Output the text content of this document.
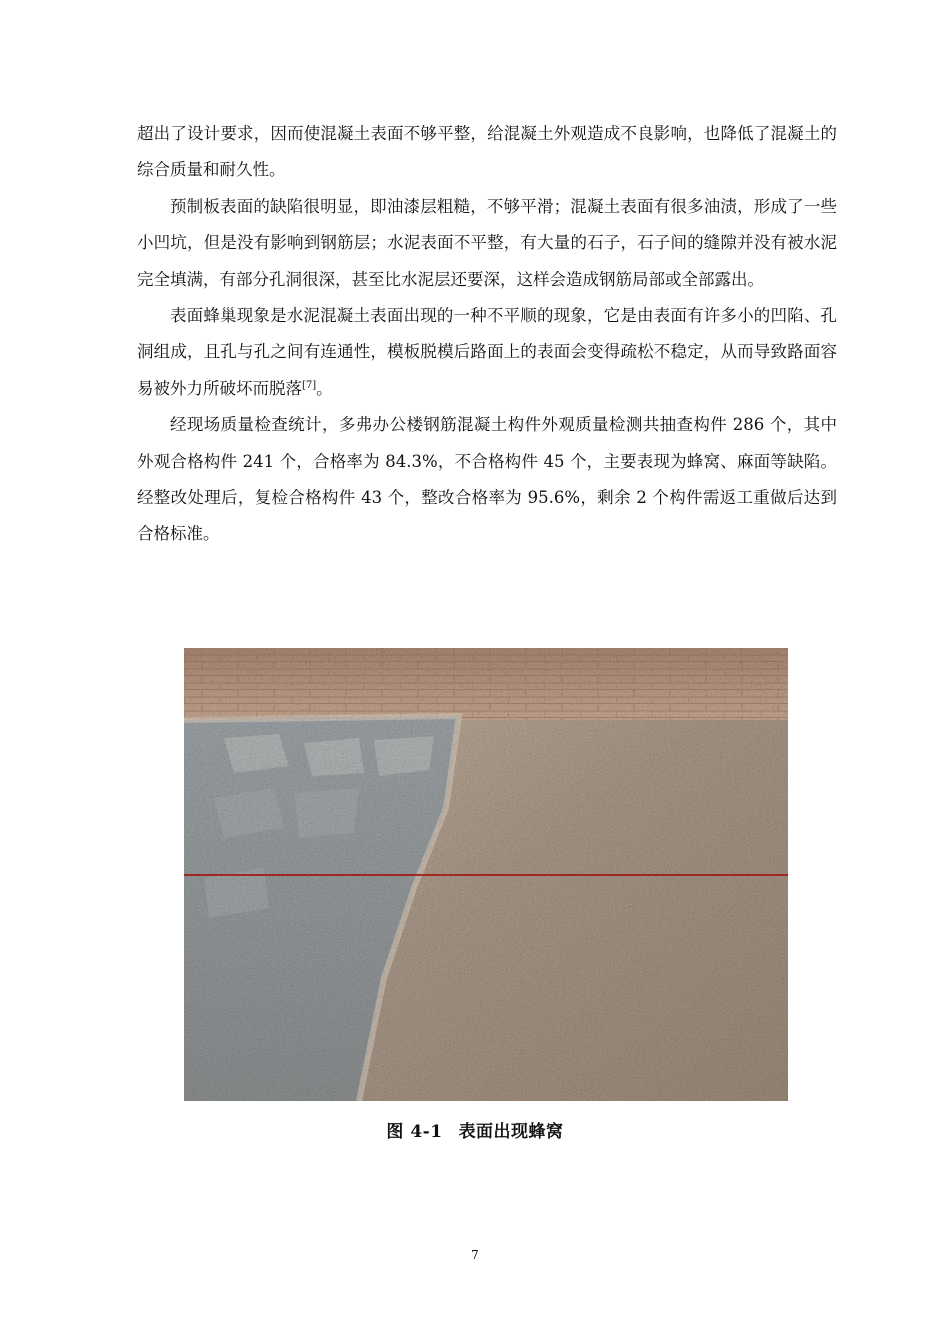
超出了设计要求，因而使混凝土表面不够平整，给混凝土外观造成不良影响，也降低了混凝土的综合质量和耐久性。

预制板表面的缺陷很明显，即油漆层粗糙，不够平滑；混凝土表面有很多油渍，形成了一些小凹坑，但是没有影响到钢筋层；水泥表面不平整，有大量的石子，石子间的缝隙并没有被水泥完全填满，有部分孔洞很深，甚至比水泥层还要深，这样会造成钢筋局部或全部露出。

表面蜂巢现象是水泥混凝土表面出现的一种不平顺的现象，它是由表面有许多小的凹陷、孔洞组成，且孔与孔之间有连通性，模板脱模后路面上的表面会变得疏松不稳定，从而导致路面容易被外力所破坏而脱落[7]。

经现场质量检查统计，多弗办公楼钢筋混凝土构件外观质量检测共抽查构件 286 个，其中外观合格构件 241 个，合格率为 84.3%，不合格构件 45 个，主要表现为蜂窝、麻面等缺陷。经整改处理后，复检合格构件 43 个，整改合格率为 95.6%，剩余 2 个构件需返工重做后达到合格标准。

图 4-1 表面出现蜂窝
7
